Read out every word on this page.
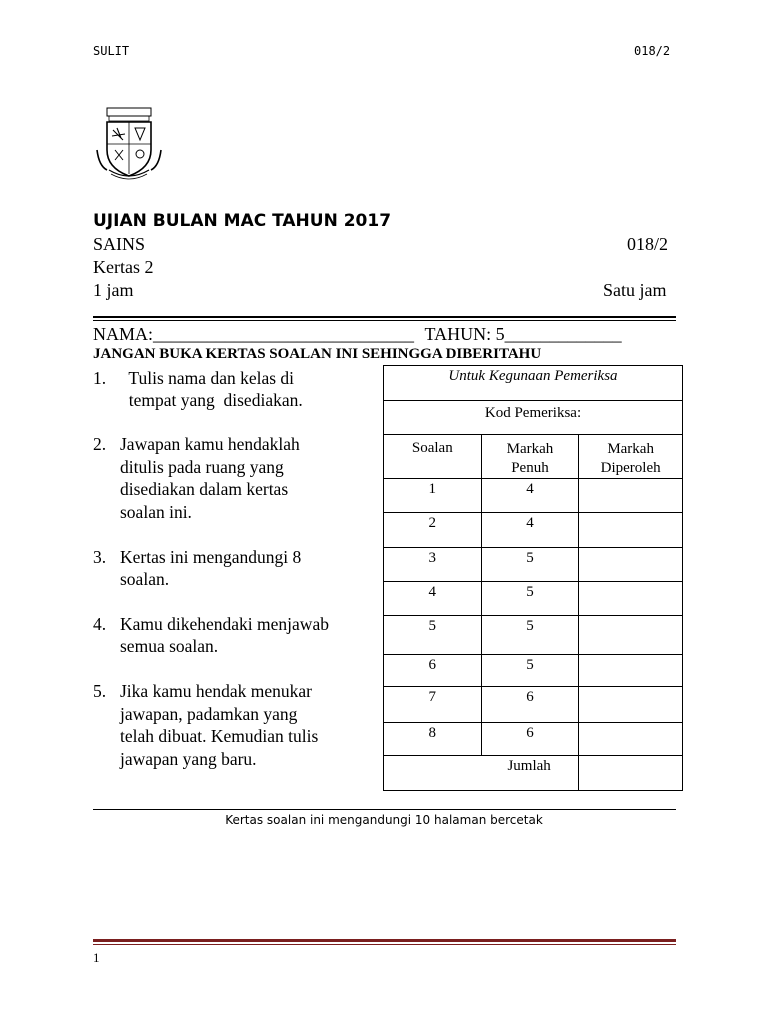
SULIT	018/2
UJIAN BULAN MAC TAHUN 2017
SAINS	018/2
Kertas 2
1 jam	Satu jam
NAMA:_____________________________ TAHUN: 5_____________
JANGAN BUKA KERTAS SOALAN INI SEHINGGA DIBERITAHU
1. Tulis nama dan kelas di
tempat yang  disediakan.
2. Jawapan kamu hendaklah
ditulis pada ruang yang
disediakan dalam kertas
soalan ini.
3. Kertas ini mengandungi 8
soalan.
4. Kamu dikehendaki menjawab
semua soalan.
5. Jika kamu hendak menukar
jawapan, padamkan yang
telah dibuat. Kemudian tulis
jawapan yang baru.
Untuk Kegunaan Pemeriksa		
Kod Pemeriksa:		
Soalan	Markah Penuh	Markah Diperoleh

1	4	
2	4	
3	5	
4	5	
5	5	
6	5	
7	6	
8	6	
Jumlah		
Kertas soalan ini mengandungi 10 halaman bercetak
1
